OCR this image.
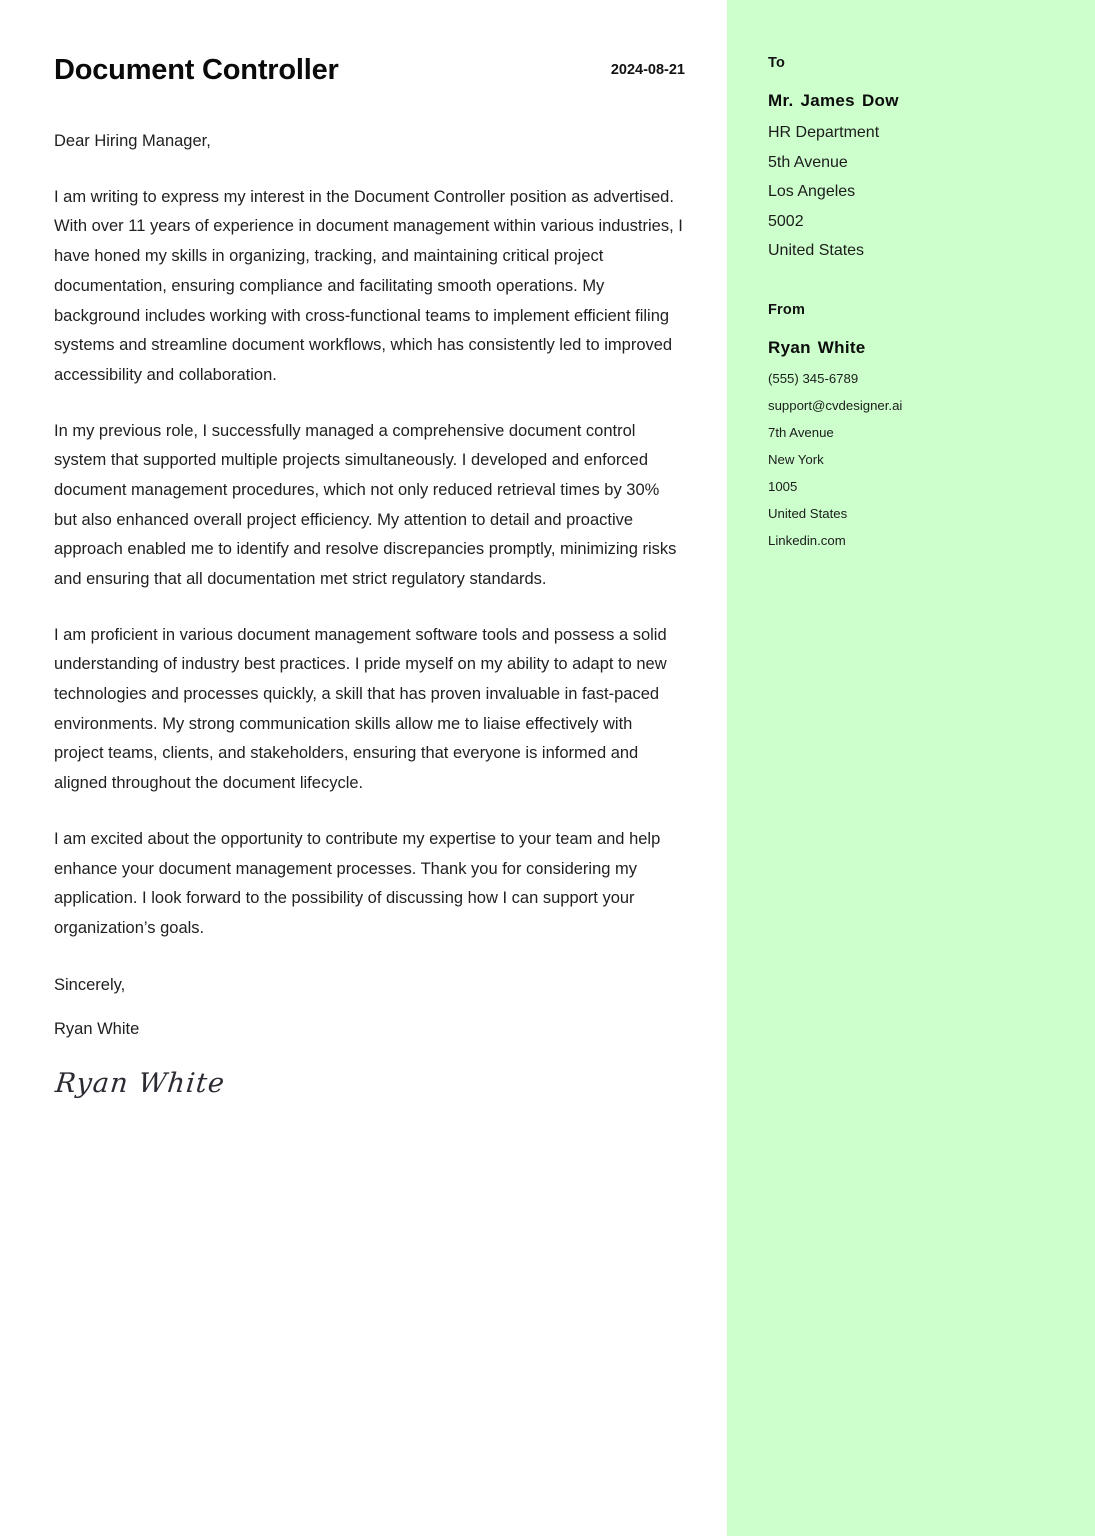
Document Controller	2024-08-21

Dear Hiring Manager,

I am writing to express my interest in the Document Controller position as advertised. With over 11 years of experience in document management within various industries, I have honed my skills in organizing, tracking, and maintaining critical project documentation, ensuring compliance and facilitating smooth operations. My background includes working with cross-functional teams to implement efficient filing systems and streamline document workflows, which has consistently led to improved accessibility and collaboration.

In my previous role, I successfully managed a comprehensive document control system that supported multiple projects simultaneously. I developed and enforced document management procedures, which not only reduced retrieval times by 30% but also enhanced overall project efficiency. My attention to detail and proactive approach enabled me to identify and resolve discrepancies promptly, minimizing risks and ensuring that all documentation met strict regulatory standards.

I am proficient in various document management software tools and possess a solid understanding of industry best practices. I pride myself on my ability to adapt to new technologies and processes quickly, a skill that has proven invaluable in fast-paced environments. My strong communication skills allow me to liaise effectively with project teams, clients, and stakeholders, ensuring that everyone is informed and aligned throughout the document lifecycle.

I am excited about the opportunity to contribute my expertise to your team and help enhance your document management processes. Thank you for considering my application. I look forward to the possibility of discussing how I can support your organization’s goals.

Sincerely,
Ryan White
Ryan White
To
Mr. James Dow
HR Department
5th Avenue
Los Angeles
5002
United States
From
Ryan White
(555) 345-6789
support@cvdesigner.ai
7th Avenue
New York
1005
United States
Linkedin.com
